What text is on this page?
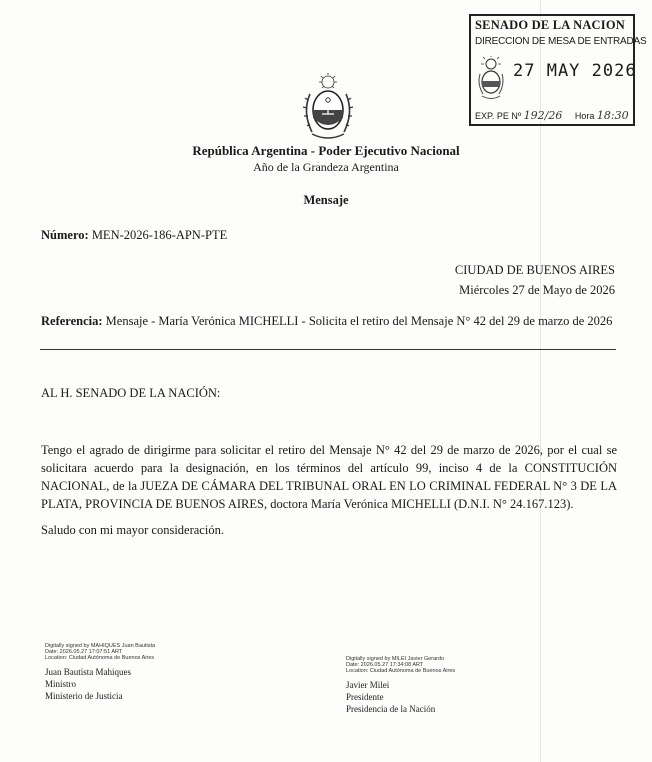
SENADO DE LA NACION
DIRECCION DE MESA DE ENTRADAS
27 MAY 2026
EXP. PE Nº 192/26 Hora 18:30
República Argentina - Poder Ejecutivo Nacional
Año de la Grandeza Argentina
Mensaje
Número: MEN-2026-186-APN-PTE
CIUDAD DE BUENOS AIRES
Miércoles 27 de Mayo de 2026
Referencia: Mensaje - María Verónica MICHELLI - Solicita el retiro del Mensaje N° 42 del 29 de marzo de 2026
AL H. SENADO DE LA NACIÓN:
Tengo el agrado de dirigirme para solicitar el retiro del Mensaje N° 42 del 29 de marzo de 2026, por el cual se solicitara acuerdo para la designación, en los términos del artículo 99, inciso 4 de la CONSTITUCIÓN NACIONAL, de la JUEZA DE CÁMARA DEL TRIBUNAL ORAL EN LO CRIMINAL FEDERAL N° 3 DE LA PLATA, PROVINCIA DE BUENOS AIRES, doctora María Verónica MICHELLI (D.N.I. N° 24.167.123).
Saludo con mi mayor consideración.
Digitally signed by MAHIQUES Juan Bautista
Date: 2026.05.27 17:07:51 ART
Location: Ciudad Autónoma de Buenos Aires
Juan Bautista Mahiques
Ministro
Ministerio de Justicia
Digitally signed by MILEI Javier Gerardo
Date: 2026.05.27 17:34:08 ART
Location: Ciudad Autónoma de Buenos Aires
Javier Milei
Presidente
Presidencia de la Nación
